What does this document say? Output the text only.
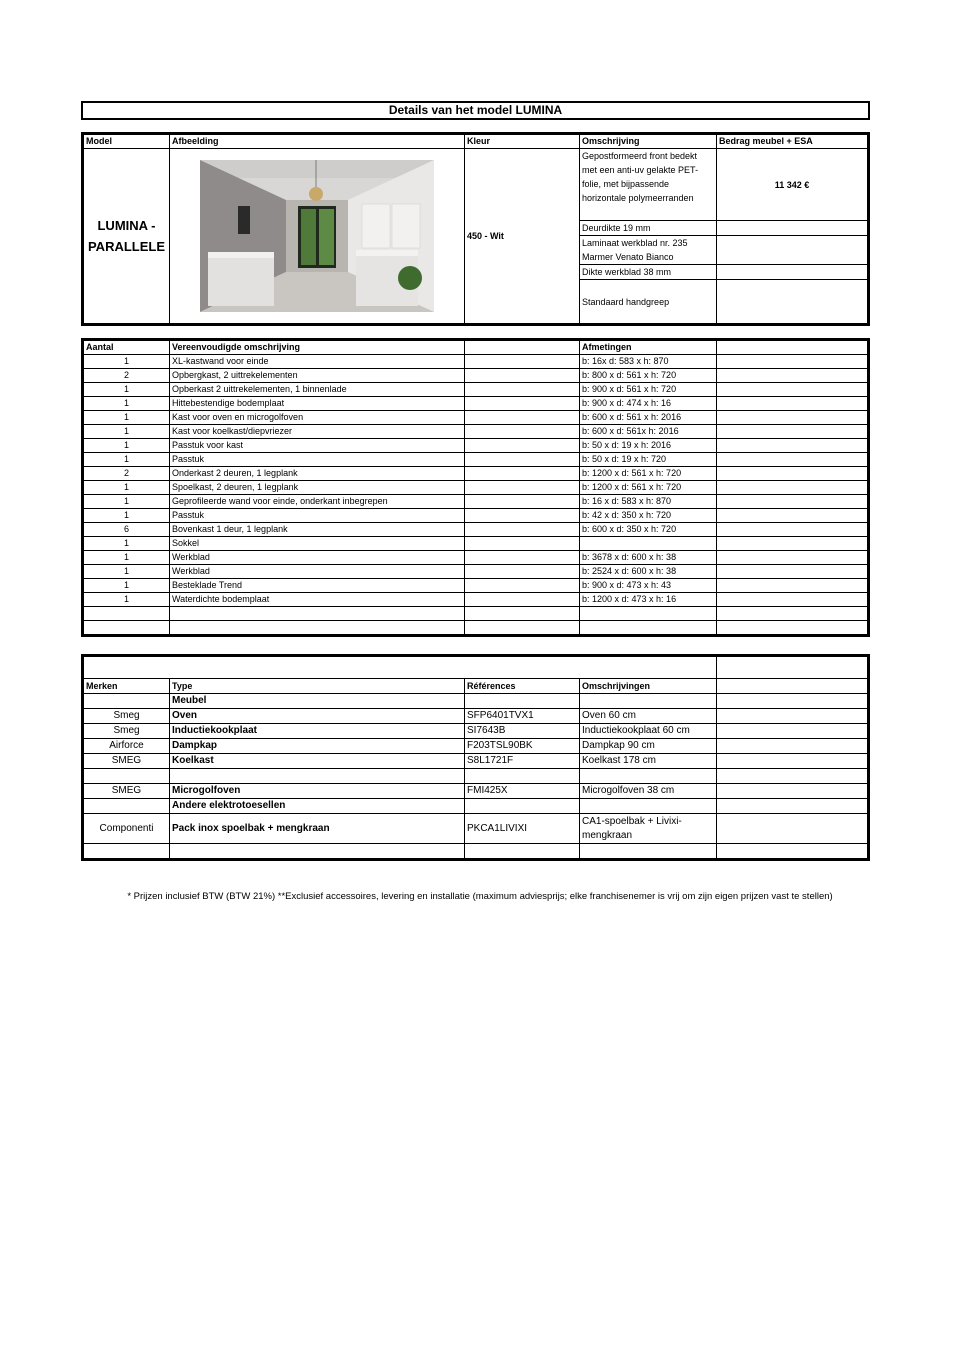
Details van het model LUMINA
Model	Afbeelding	Kleur	Omschrijving	Bedrag meubel + ESA
LUMINA - PARALLELE		450 - Wit	Gepostformeerd front bedekt met een anti-uv gelakte PET-folie, met bijpassende horizontale polymeerranden	11 342 €
			Deurdikte 19 mm	
			Laminaat werkblad nr. 235 Marmer Venato Bianco	
			Dikte werkblad 38 mm	
			Standaard handgreep	
Aantal	Vereenvoudigde omschrijving		Afmetingen	
1	XL-kastwand voor einde		b: 16x d: 583 x h: 870	
2	Opbergkast, 2 uittrekelementen		b: 800 x d: 561 x h: 720	
1	Opberkast 2 uittrekelementen, 1 binnenlade		b: 900 x d: 561 x h: 720	
1	Hittebestendige bodemplaat		b: 900 x d: 474 x h: 16	
1	Kast voor oven en microgolfoven		b: 600 x d: 561 x h: 2016	
1	Kast voor koelkast/diepvriezer		b: 600 x d: 561x h: 2016	
1	Passtuk voor kast		b: 50 x d: 19 x h: 2016	
1	Passtuk		b: 50 x d: 19 x h: 720	
2	Onderkast 2 deuren, 1 legplank		b: 1200 x d: 561 x h: 720	
1	Spoelkast, 2 deuren, 1 legplank		b: 1200 x d: 561 x h: 720	
1	Geprofileerde wand voor einde, onderkant inbegrepen		b: 16 x d: 583 x h: 870	
1	Passtuk		b: 42 x d: 350 x h: 720	
6	Bovenkast 1 deur, 1 legplank		b: 600 x d: 350 x h: 720	
1	Sokkel			
1	Werkblad		b: 3678 x d: 600 x h: 38	
1	Werkblad		b: 2524 x d: 600 x h: 38	
1	Besteklade Trend		b: 900 x d: 473 x h: 43	
1	Waterdichte bodemplaat		b: 1200 x d: 473 x h: 16	

Merken	Type	Références	Omschrijvingen	
	Meubel			
Smeg	Oven	SFP6401TVX1	Oven 60 cm	
Smeg	Inductiekookplaat	SI7643B	Inductiekookplaat 60 cm	
Airforce	Dampkap	F203TSL90BK	Dampkap 90 cm	
SMEG	Koelkast	S8L1721F	Koelkast 178 cm	

SMEG	Microgolfoven	FMI425X	Microgolfoven 38 cm	
	Andere elektrotoesellen			
Componenti	Pack inox spoelbak + mengkraan	PKCA1LIVIXI	CA1-spoelbak + Livixi-mengkraan	

* Prijzen inclusief BTW (BTW 21%) **Exclusief accessoires, levering en installatie (maximum adviesprijs; elke franchisenemer is vrij om zijn eigen prijzen vast te stellen)
